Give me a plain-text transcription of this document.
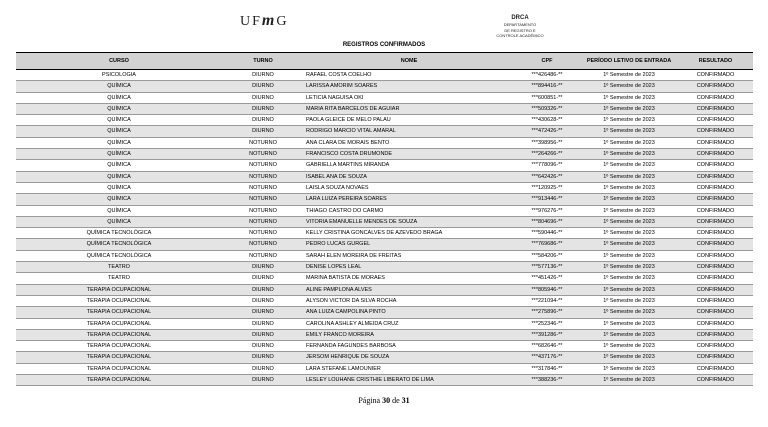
UFmG	DRCA
DEPARTAMENTO
DE REGISTRO E
CONTROLE ACADÊMICO
REGISTROS CONFIRMADOS
CURSO	TURNO	NOME	CPF	PERÍODO LETIVO DE ENTRADA	RESULTADO
PSICOLOGIA	DIURNO	RAFAEL COSTA COELHO	***426486-**	1º Semestre de 2023	CONFIRMADO
QUÍMICA	DIURNO	LARISSA AMORIM SOARES	***894416-**	1º Semestre de 2023	CONFIRMADO
QUÍMICA	DIURNO	LETICIA NAGUISA OKI	***600851-**	1º Semestre de 2023	CONFIRMADO
QUÍMICA	DIURNO	MARIA RITA BARCELOS DE AGUIAR	***509326-**	1º Semestre de 2023	CONFIRMADO
QUÍMICA	DIURNO	PAOLA GLEICE DE MELO PALAU	***430628-**	1º Semestre de 2023	CONFIRMADO
QUÍMICA	DIURNO	RODRIGO MARCIO VITAL AMARAL	***472426-**	1º Semestre de 2023	CONFIRMADO
QUÍMICA	NOTURNO	ANA CLARA DE MORAIS BENTO	***398956-**	1º Semestre de 2023	CONFIRMADO
QUÍMICA	NOTURNO	FRANCISCO COSTA DRUMONDE	***264266-**	1º Semestre de 2023	CONFIRMADO
QUÍMICA	NOTURNO	GABRIELLA MARTINS MIRANDA	***778096-**	1º Semestre de 2023	CONFIRMADO
QUÍMICA	NOTURNO	ISABEL ANA DE SOUZA	***642426-**	1º Semestre de 2023	CONFIRMADO
QUÍMICA	NOTURNO	LAISLA SOUZA NOVAES	***120925-**	1º Semestre de 2023	CONFIRMADO
QUÍMICA	NOTURNO	LARA LUIZA PEREIRA SOARES	***913446-**	1º Semestre de 2023	CONFIRMADO
QUÍMICA	NOTURNO	THIAGO CASTRO DO CARMO	***976276-**	1º Semestre de 2023	CONFIRMADO
QUÍMICA	NOTURNO	VITORIA EMANUELLE MENDES DE SOUZA	***804696-**	1º Semestre de 2023	CONFIRMADO
QUÍMICA TECNOLÓGICA	NOTURNO	KELLY CRISTINA GONCALVES DE AZEVEDO BRAGA	***590446-**	1º Semestre de 2023	CONFIRMADO
QUÍMICA TECNOLÓGICA	NOTURNO	PEDRO LUCAS GURGEL	***769686-**	1º Semestre de 2023	CONFIRMADO
QUÍMICA TECNOLÓGICA	NOTURNO	SARAH ELEN MOREIRA DE FREITAS	***584206-**	1º Semestre de 2023	CONFIRMADO
TEATRO	DIURNO	DENISE LOPES LEAL	***577136-**	1º Semestre de 2023	CONFIRMADO
TEATRO	DIURNO	MARINA BATISTA DE MORAES	***451426-**	1º Semestre de 2023	CONFIRMADO
TERAPIA OCUPACIONAL	DIURNO	ALINE PAMPLONA ALVES	***805946-**	1º Semestre de 2023	CONFIRMADO
TERAPIA OCUPACIONAL	DIURNO	ALYSON VICTOR DA SILVA ROCHA	***221094-**	1º Semestre de 2023	CONFIRMADO
TERAPIA OCUPACIONAL	DIURNO	ANA LUIZA CAMPOLINA PINTO	***275896-**	1º Semestre de 2023	CONFIRMADO
TERAPIA OCUPACIONAL	DIURNO	CAROLINA ASHLEY ALMEIDA CRUZ	***252346-**	1º Semestre de 2023	CONFIRMADO
TERAPIA OCUPACIONAL	DIURNO	EMILY FRANCO MOREIRA	***391286-**	1º Semestre de 2023	CONFIRMADO
TERAPIA OCUPACIONAL	DIURNO	FERNANDA FAGUNDES BARBOSA	***682646-**	1º Semestre de 2023	CONFIRMADO
TERAPIA OCUPACIONAL	DIURNO	JERSOM HENRIQUE DE SOUZA	***437176-**	1º Semestre de 2023	CONFIRMADO
TERAPIA OCUPACIONAL	DIURNO	LARA STEFANE LAMOUNIER	***317846-**	1º Semestre de 2023	CONFIRMADO
TERAPIA OCUPACIONAL	DIURNO	LESLEY LOUHANE CRISTHIE LIBERATO DE LIMA	***388236-**	1º Semestre de 2023	CONFIRMADO
Página 30 de 31
